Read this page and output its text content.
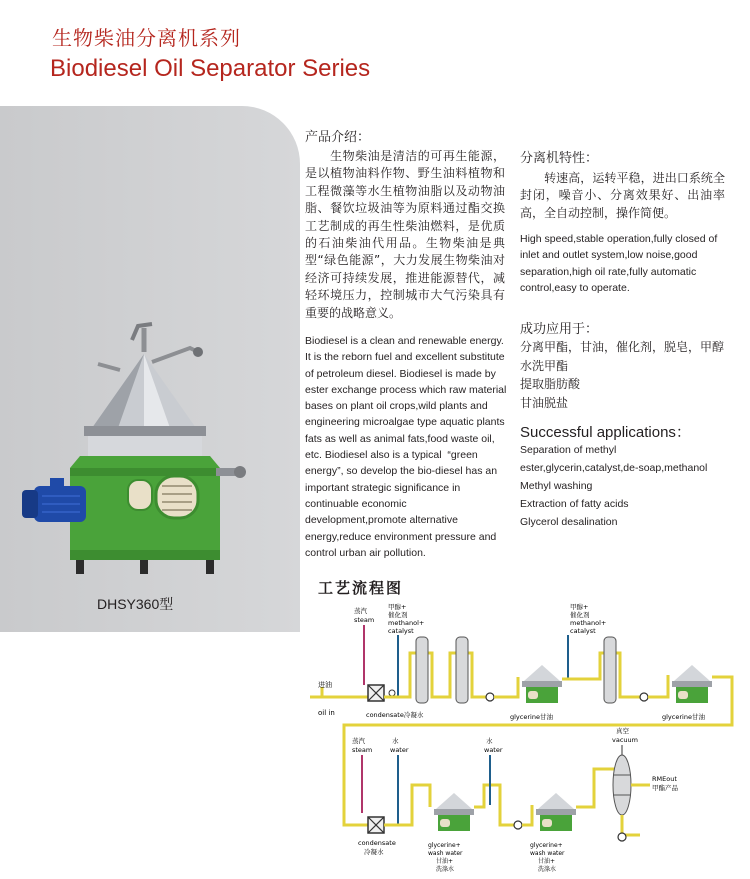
生物柴油分离机系列
Biodiesel Oil Separator Series
DHSY360型
产品介绍：
　　生物柴油是清洁的可再生能源，是以植物油料作物、野生油料植物和工程微藻等水生植物油脂以及动物油脂、餐饮垃圾油等为原料通过酯交换工艺制成的再生性柴油燃料，是优质的石油柴油代用品。生物柴油是典型“绿色能源”，大力发展生物柴油对经济可持续发展，推进能源替代，减轻环境压力，控制城市大气污染具有重要的战略意义。
Biodiesel is a clean and renewable energy. It is the reborn fuel and excellent substitute of petroleum diesel. Biodiesel is made by ester exchange process which raw material bases on plant oil crops,wild plants and engineering microalgae type aquatic plants fats as well as animal fats,food waste oil, etc. Biodiesel also is a typical  “green energy”, so develop the bio-diesel has an important strategic significance in continuable economic development,promote alternative energy,reduce environment pressure and control urban air pollution.
分离机特性：
　　转速高，运转平稳，进出口系统全封闭，噪音小、分离效果好、出油率高，全自动控制，操作简便。
High speed,stable operation,fully closed of inlet and outlet system,low noise,good separation,high oil rate,fully automatic control,easy to operate.
成功应用于：
分离甲酯，甘油，催化剂，脱皂，甲醇
水洗甲酯
提取脂肪酸
甘油脱盐
Successful applications：
Separation of methyl
ester,glycerin,catalyst,de-soap,methanol
Methyl washing
Extraction of fatty acids
Glycerol desalination
工艺流程图
进油
oil in
蒸汽
steam
甲醇+
催化剂
methanol+
catalyst
condensate冷凝水	glycerine甘油
甲醇+
催化剂
methanol+
catalyst
glycerine甘油
蒸汽
steam
水
water
condensate
冷凝水
glycerine+
wash water
甘油+
洗涤水
水
water
glycerine+
wash water
甘油+
洗涤水
真空
vacuum
RMEout
甲酯产品
